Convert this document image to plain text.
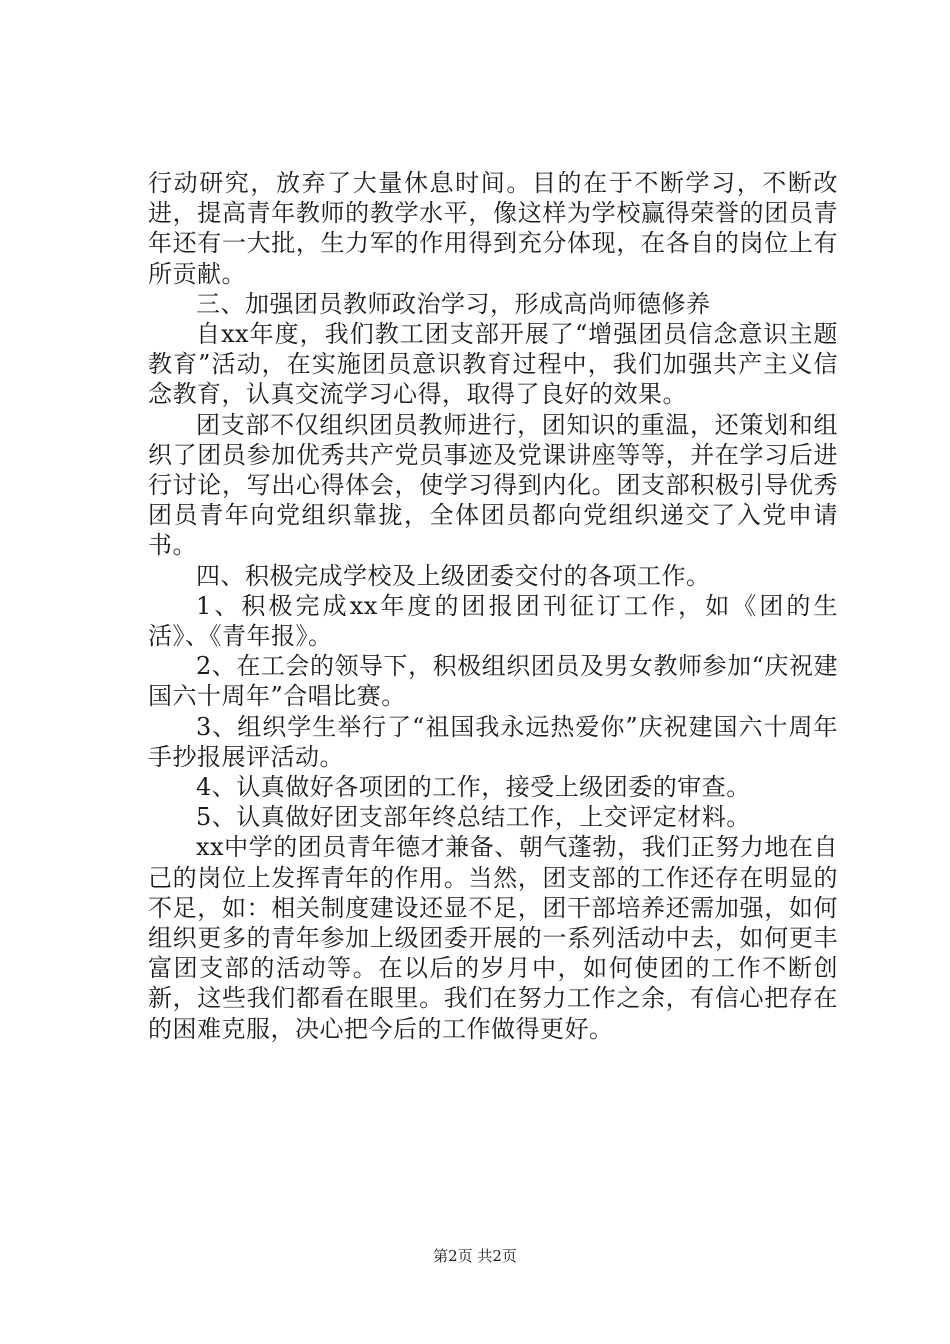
行动研究，放弃了大量休息时间。目的在于不断学习，不断改进，提高青年教师的教学水平，像这样为学校赢得荣誉的团员青年还有一大批，生力军的作用得到充分体现，在各自的岗位上有所贡献。

三、加强团员教师政治学习，形成高尚师德修养

自xx年度，我们教工团支部开展了“增强团员信念意识主题教育”活动，在实施团员意识教育过程中，我们加强共产主义信念教育，认真交流学习心得，取得了良好的效果。

团支部不仅组织团员教师进行，团知识的重温，还策划和组织了团员参加优秀共产党员事迹及党课讲座等等，并在学习后进行讨论，写出心得体会，使学习得到内化。团支部积极引导优秀团员青年向党组织靠拢，全体团员都向党组织递交了入党申请书。

四、积极完成学校及上级团委交付的各项工作。

1、积极完成xx年度的团报团刊征订工作，如《团的生活》、《青年报》。

2、在工会的领导下，积极组织团员及男女教师参加“庆祝建国六十周年”合唱比赛。

3、组织学生举行了“祖国我永远热爱你”庆祝建国六十周年手抄报展评活动。

4、认真做好各项团的工作，接受上级团委的审查。

5、认真做好团支部年终总结工作，上交评定材料。

xx中学的团员青年德才兼备、朝气蓬勃，我们正努力地在自己的岗位上发挥青年的作用。当然，团支部的工作还存在明显的不足，如：相关制度建设还显不足，团干部培养还需加强，如何组织更多的青年参加上级团委开展的一系列活动中去，如何更丰富团支部的活动等。在以后的岁月中，如何使团的工作不断创新，这些我们都看在眼里。我们在努力工作之余，有信心把存在的困难克服，决心把今后的工作做得更好。

第2页 共2页
